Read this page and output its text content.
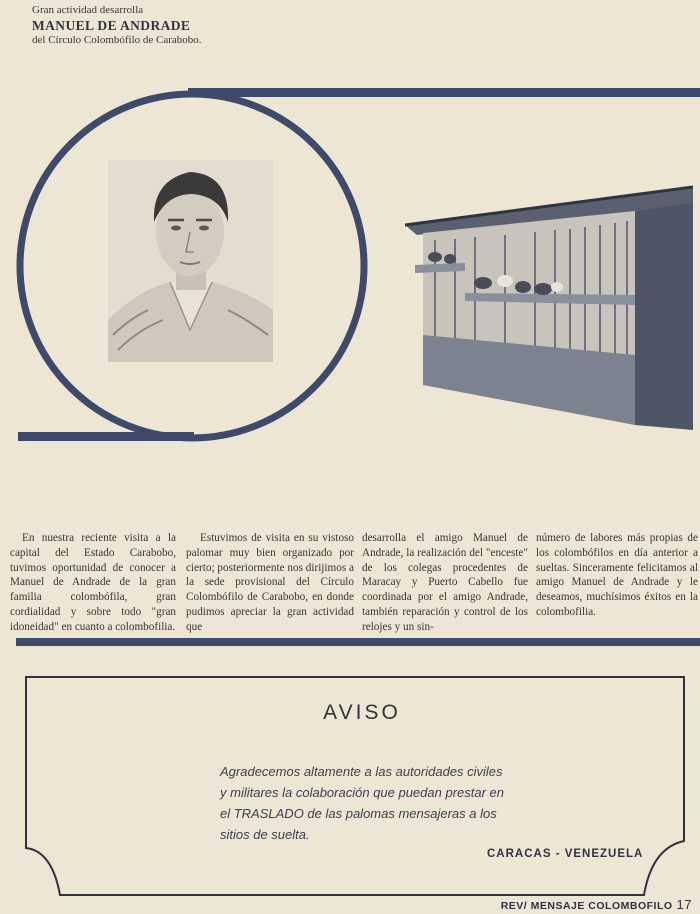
Gran actividad desarrolla
MANUEL DE ANDRADE
del Círculo Colombófilo de Carabobo.

En nuestra reciente visita a la capital del Estado Carabobo, tuvimos oportunidad de conocer a Manuel de Andrade de la gran familia colombófila, gran cordialidad y sobre todo "gran idoneidad" en cuanto a colombofilia.

Estuvimos de visita en su vistoso palomar muy bien organizado por cierto; posteriormente nos dirijimos a la sede provisional del Círculo Colombófilo de Carabobo, en donde pudimos apreciar la gran actividad que

desarrolla el amigo Manuel de Andrade, la realización del "enceste" de los colegas procedentes de Maracay y Puerto Cabello fue coordinada por el amigo Andrade, también reparación y control de los relojes y un sin-

número de labores más propias de los colombófilos en día anterior a sueltas. Sinceramente felicitamos al amigo Manuel de Andrade y le deseamos, muchísimos éxitos en la colombofilia.

AVISO
Agradecemos altamente a las autoridades civiles y militares la colaboración que puedan prestar en el TRASLADO de las palomas mensajeras a los sitios de suelta.
CARACAS - VENEZUELA
REV/ MENSAJE COLOMBOFILO 17
